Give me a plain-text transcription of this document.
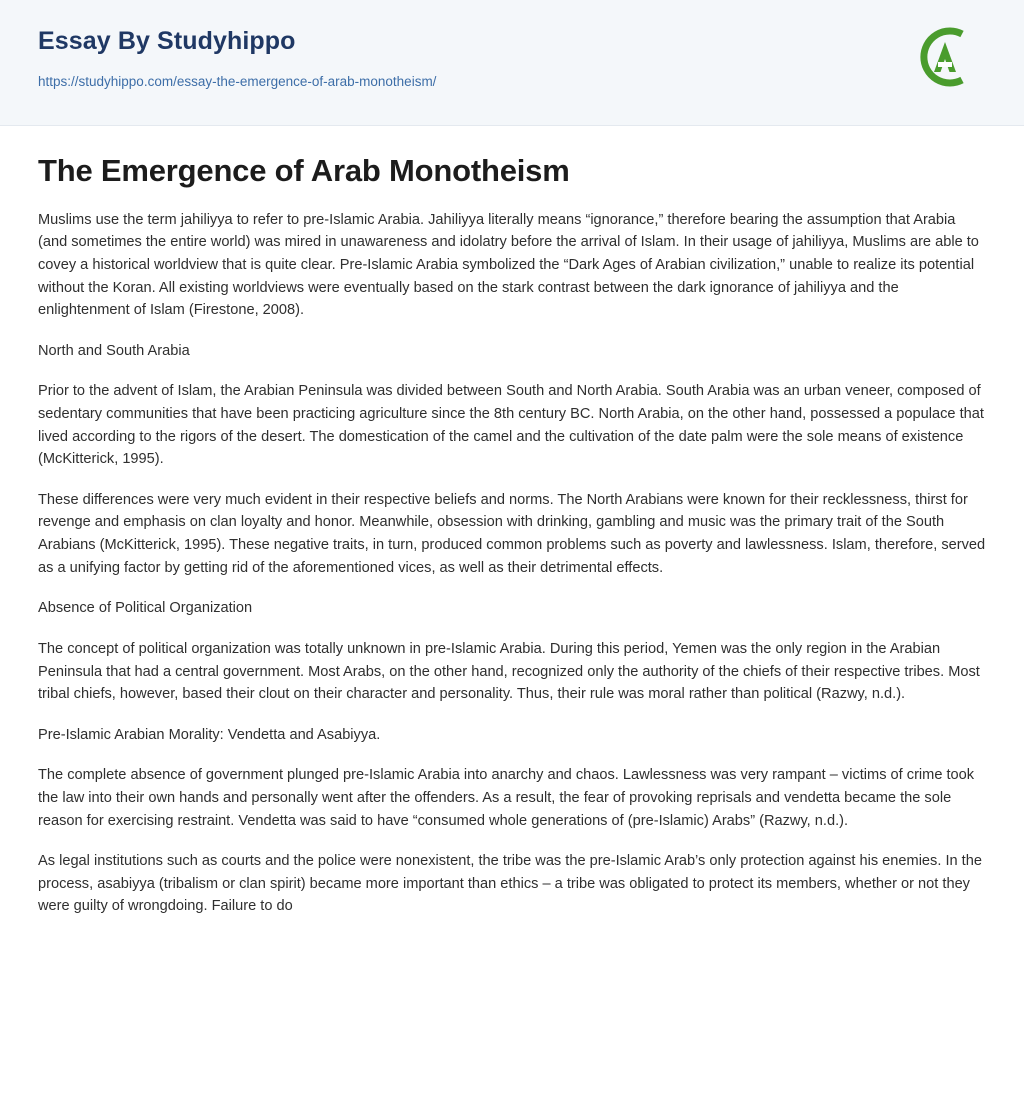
Essay By Studyhippo
https://studyhippo.com/essay-the-emergence-of-arab-monotheism/
The Emergence of Arab Monotheism

Muslims use the term jahiliyya to refer to pre-Islamic Arabia. Jahiliyya literally means “ignorance,” therefore bearing the assumption that Arabia (and sometimes the entire world) was mired in unawareness and idolatry before the arrival of Islam. In their usage of jahiliyya, Muslims are able to covey a historical worldview that is quite clear. Pre-Islamic Arabia symbolized the “Dark Ages of Arabian civilization,” unable to realize its potential without the Koran. All existing worldviews were eventually based on the stark contrast between the dark ignorance of jahiliyya and the enlightenment of Islam (Firestone, 2008).

North and South Arabia

Prior to the advent of Islam, the Arabian Peninsula was divided between South and North Arabia. South Arabia was an urban veneer, composed of sedentary communities that have been practicing agriculture since the 8th century BC. North Arabia, on the other hand, possessed a populace that lived according to the rigors of the desert. The domestication of the camel and the cultivation of the date palm were the sole means of existence (McKitterick, 1995).

These differences were very much evident in their respective beliefs and norms. The North Arabians were known for their recklessness, thirst for revenge and emphasis on clan loyalty and honor. Meanwhile, obsession with drinking, gambling and music was the primary trait of the South Arabians (McKitterick, 1995). These negative traits, in turn, produced common problems such as poverty and lawlessness. Islam, therefore, served as a unifying factor by getting rid of the aforementioned vices, as well as their detrimental effects.

Absence of Political Organization

The concept of political organization was totally unknown in pre-Islamic Arabia. During this period, Yemen was the only region in the Arabian Peninsula that had a central government. Most Arabs, on the other hand, recognized only the authority of the chiefs of their respective tribes. Most tribal chiefs, however, based their clout on their character and personality. Thus, their rule was moral rather than political (Razwy, n.d.).

Pre-Islamic Arabian Morality: Vendetta and Asabiyya.

The complete absence of government plunged pre-Islamic Arabia into anarchy and chaos. Lawlessness was very rampant – victims of crime took the law into their own hands and personally went after the offenders. As a result, the fear of provoking reprisals and vendetta became the sole reason for exercising restraint. Vendetta was said to have “consumed whole generations of (pre-Islamic) Arabs” (Razwy, n.d.).

As legal institutions such as courts and the police were nonexistent, the tribe was the pre-Islamic Arab’s only protection against his enemies. In the process, asabiyya (tribalism or clan spirit) became more important than ethics – a tribe was obligated to protect its members, whether or not they were guilty of wrongdoing. Failure to do
